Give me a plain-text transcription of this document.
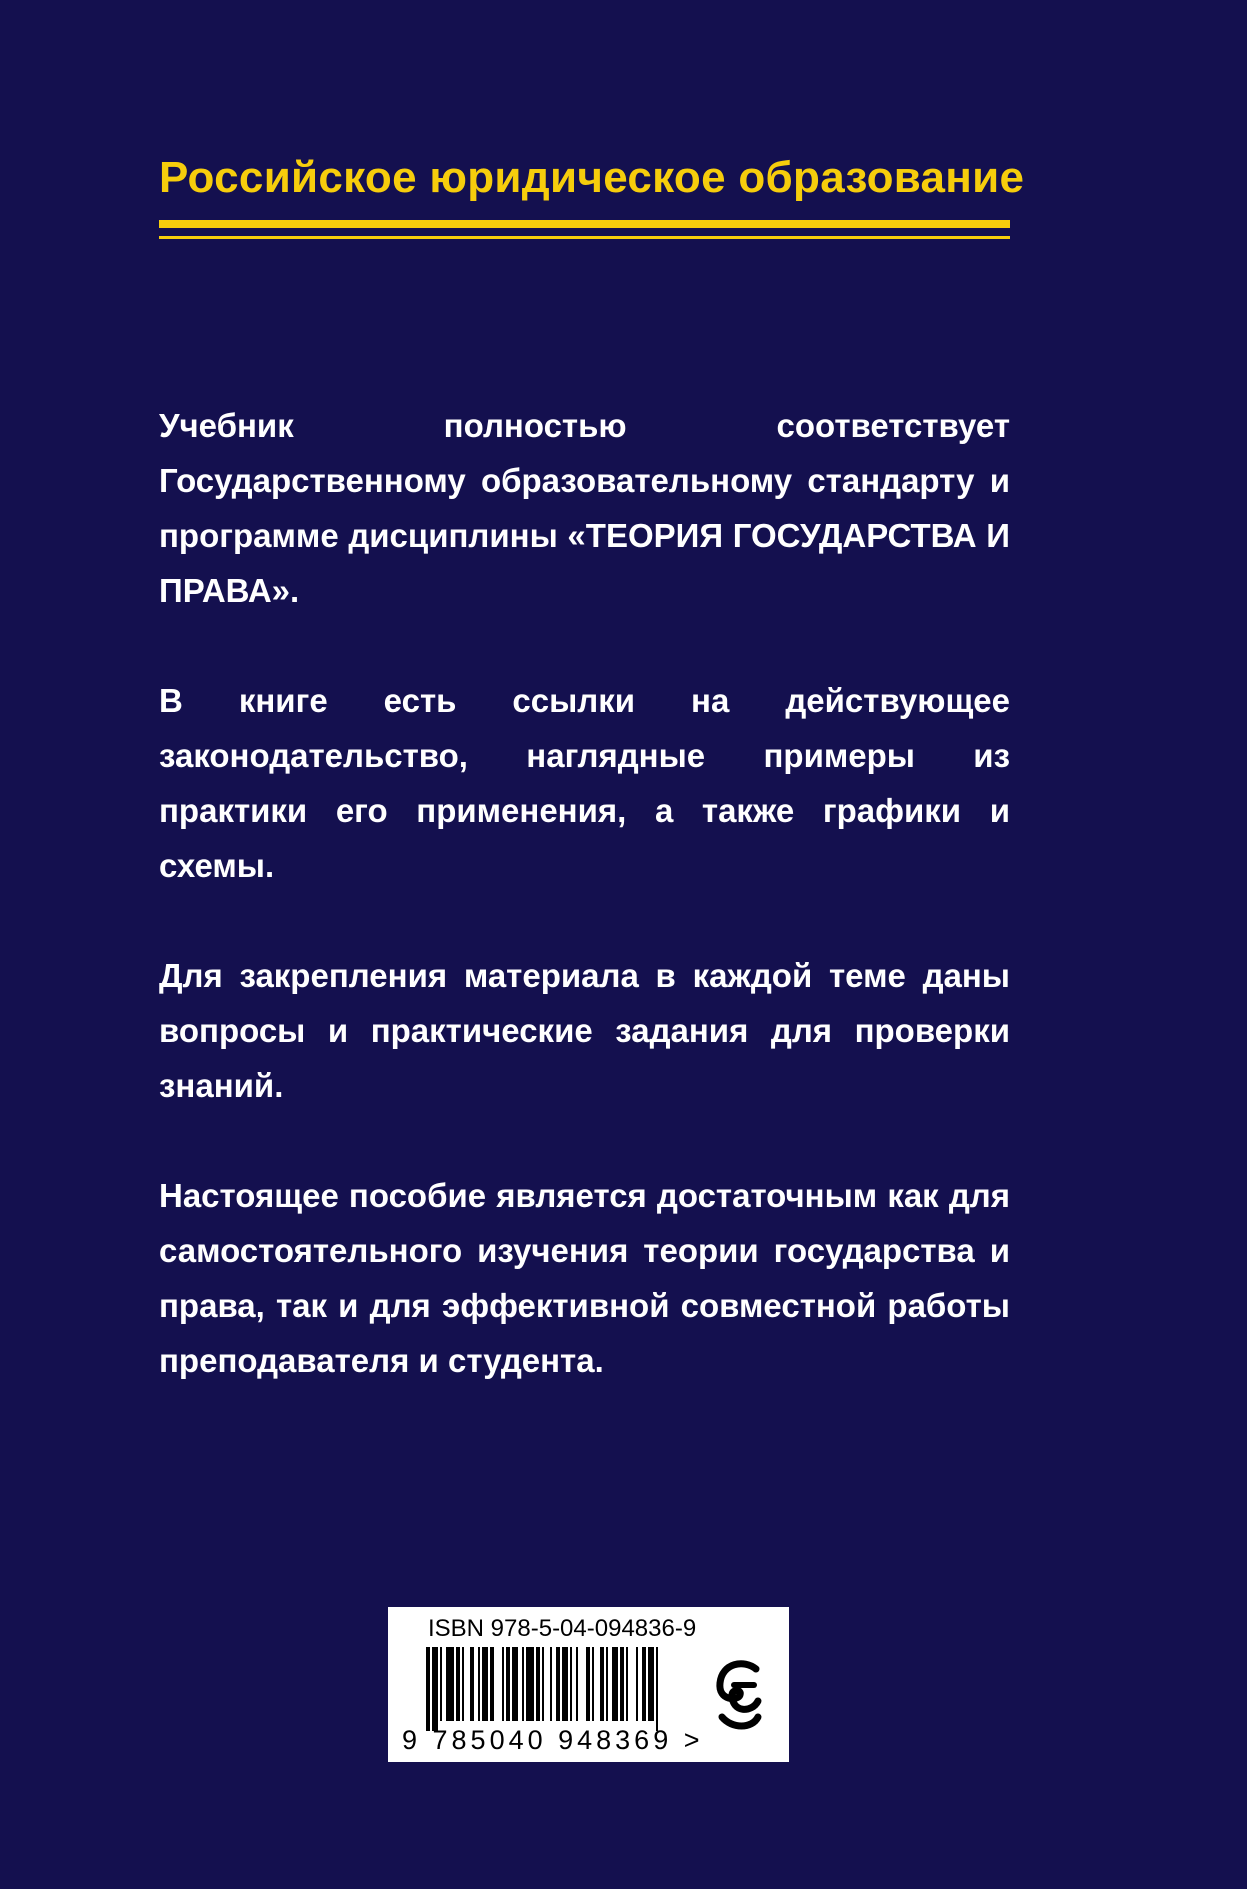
Российское юридическое образование

Учебник полностью соответствует Государственному образовательному стандарту и программе дисциплины «ТЕОРИЯ ГОСУДАРСТВА И ПРАВА».

В книге есть ссылки на действующее законодательство, наглядные примеры из практики его применения, а также графики и схемы.

Для закрепления материала в каждой теме даны вопросы и практические задания для проверки знаний.

Настоящее пособие является достаточным как для самостоятельного изучения теории государства и права, так и для эффективной совместной работы преподавателя и студента.

ISBN 978-5-04-094836-9
9 785040 948369 >
